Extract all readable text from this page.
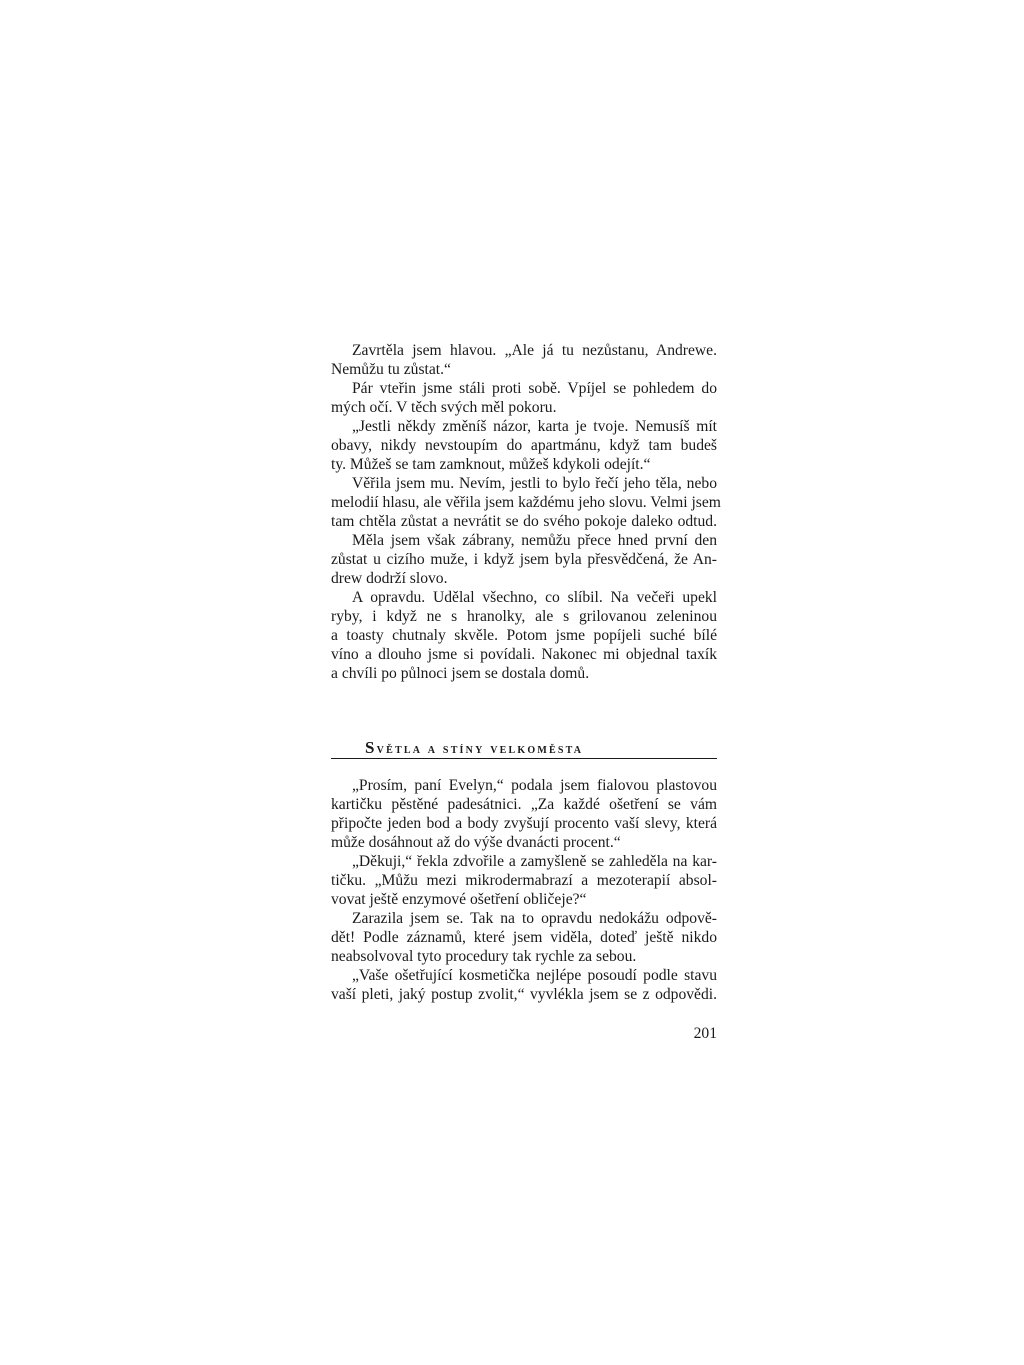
Zavrtěla jsem hlavou. „Ale já tu nezůstanu, Andrewe.
Nemůžu tu zůstat.“
Pár vteřin jsme stáli proti sobě. Vpíjel se pohledem do
mých očí. V těch svých měl pokoru.
„Jestli někdy změníš názor, karta je tvoje. Nemusíš mít
obavy, nikdy nevstoupím do apartmánu, když tam budeš
ty. Můžeš se tam zamknout, můžeš kdykoli odejít.“
Věřila jsem mu. Nevím, jestli to bylo řečí jeho těla, nebo
melodií hlasu, ale věřila jsem každému jeho slovu. Velmi jsem
tam chtěla zůstat a nevrátit se do svého pokoje daleko odtud.
Měla jsem však zábrany, nemůžu přece hned první den
zůstat u cizího muže, i když jsem byla přesvědčená, že An-
drew dodrží slovo.
A opravdu. Udělal všechno, co slíbil. Na večeři upekl
ryby, i když ne s hranolky, ale s grilovanou zeleninou
a toasty chutnaly skvěle. Potom jsme popíjeli suché bílé
víno a dlouho jsme si povídali. Nakonec mi objednal taxík
a chvíli po půlnoci jsem se dostala domů.
Světla a stíny velkoměsta
„Prosím, paní Evelyn,“ podala jsem fialovou plastovou
kartičku pěstěné padesátnici. „Za každé ošetření se vám
připočte jeden bod a body zvyšují procento vaší slevy, která
může dosáhnout až do výše dvanácti procent.“
„Děkuji,“ řekla zdvořile a zamyšleně se zahleděla na kar-
tičku. „Můžu mezi mikrodermabrazí a mezoterapií absol-
vovat ještě enzymové ošetření obličeje?“
Zarazila jsem se. Tak na to opravdu nedokážu odpově-
dět! Podle záznamů, které jsem viděla, doteď ještě nikdo
neabsolvoval tyto procedury tak rychle za sebou.
„Vaše ošetřující kosmetička nejlépe posoudí podle stavu
vaší pleti, jaký postup zvolit,“ vyvlékla jsem se z odpovědi.
201
